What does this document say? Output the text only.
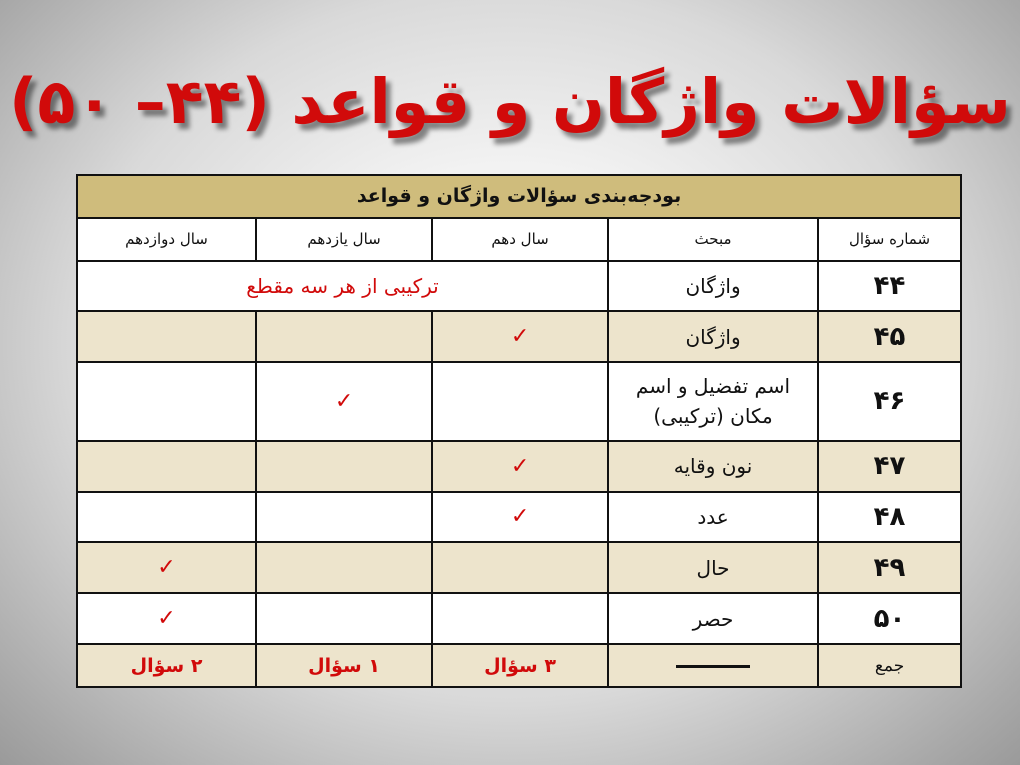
سؤالات واژگان و قواعد (۴۴– ۵۰)
بودجه‌بندی سؤالات واژگان و قواعد				
شماره سؤال	مبحث	سال دهم	سال یازدهم	سال دوازدهم
۴۴	واژگان	ترکیبی از هر سه مقطع		
۴۵	واژگان	✓		
۴۶	اسم تفضیل و اسم مکان (ترکیبی)		✓	
۴۷	نون وقایه	✓		
۴۸	عدد	✓		
۴۹	حال			✓
۵۰	حصر			✓
جمع		۳ سؤال	۱ سؤال	۲ سؤال
